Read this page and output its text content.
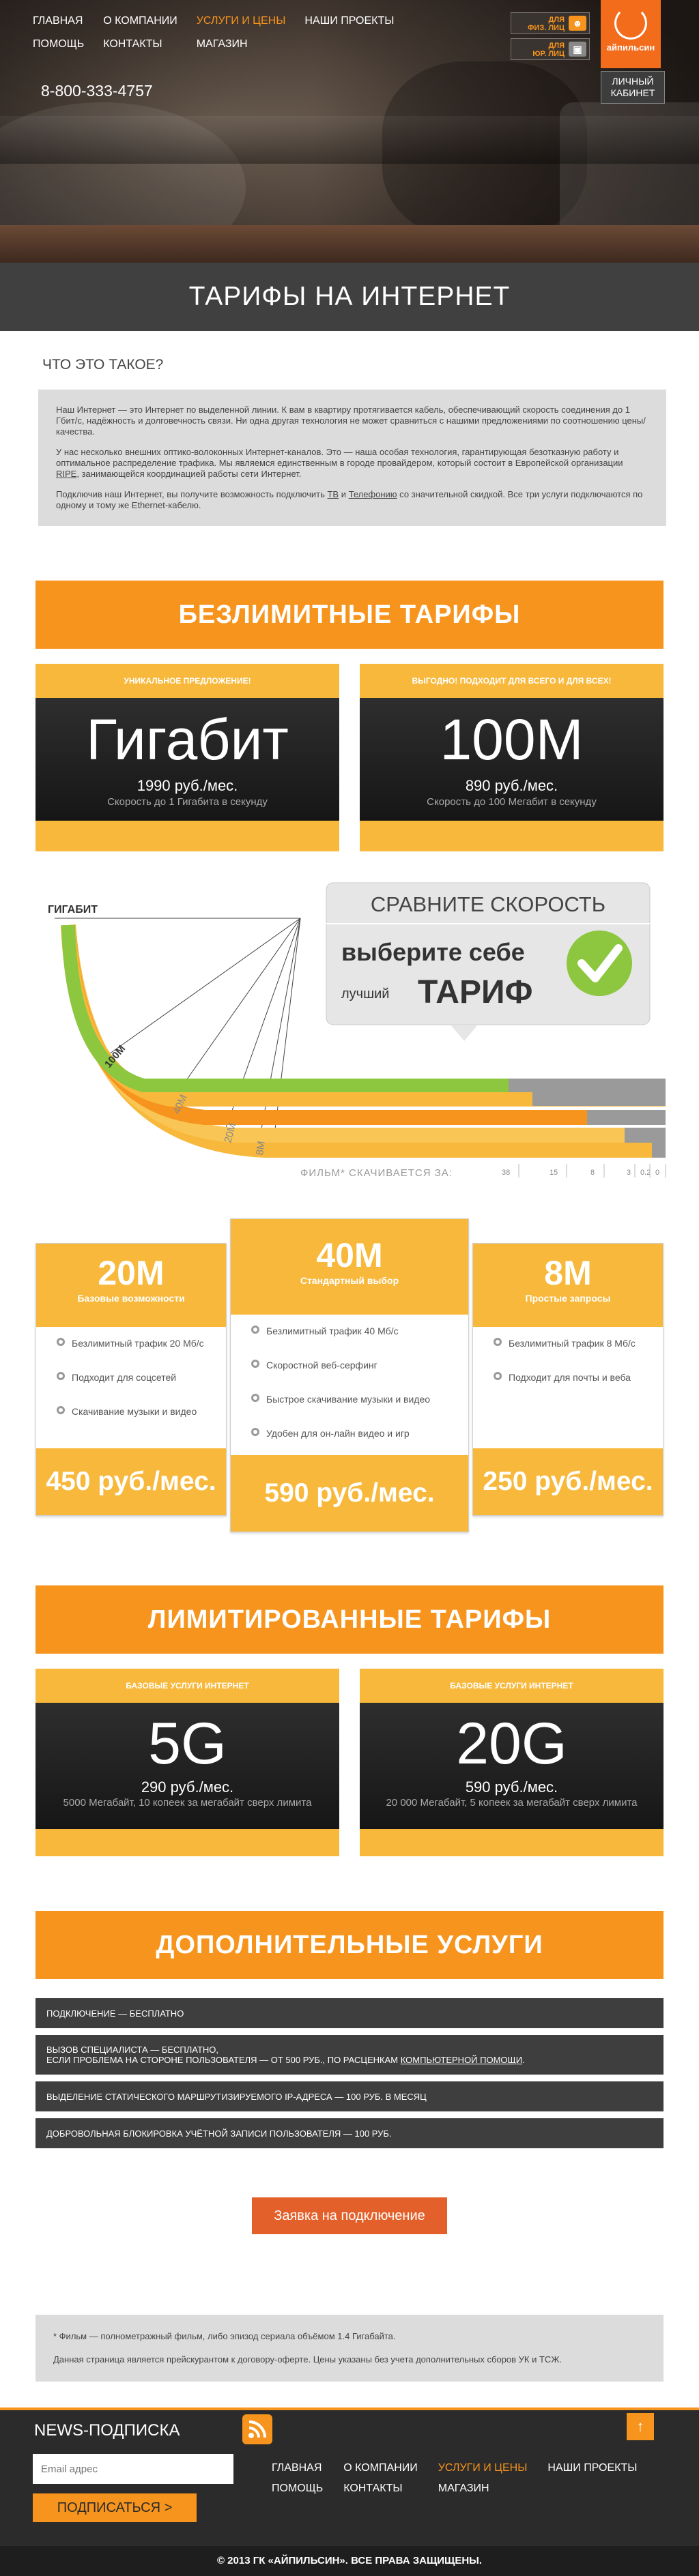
ГЛАВНАЯ О КОМПАНИИ УСЛУГИ И ЦЕНЫ НАШИ ПРОЕКТЫ
ПОМОЩЬ КОНТАКТЫ	МАГАЗИН
8-800-333-4757
ДЛЯ
ФИЗ. ЛИЦ ☻
ДЛЯ
ЮР. ЛИЦ ▣	айпильсин
ЛИЧНЫЙ
КАБИНЕТ
ТАРИФЫ НА ИНТЕРНЕТ
ЧТО ЭТО ТАКОЕ?

Наш Интернет — это Интернет по выделенной линии. К вам в квартиру протягивается кабель, обеспечивающий скорость соединения до 1 Гбит/с, надёжность и долговечность связи. Ни одна другая технология не может сравниться с нашими предложениями по соотношению цены/качества.

У нас несколько внешних оптико-волоконных Интернет-каналов. Это — наша особая технология, гарантирующая безотказную работу и оптимальное распределение трафика. Мы являемся единственным в городе провайдером, который состоит в Европейской организации RIPE, занимающейся координацией работы сети Интернет.

Подключив наш Интернет, вы получите возможность подключить ТВ и Телефонию со значительной скидкой. Все три услуги подключаются по одному и тому же Ethernet-кабелю.

БЕЗЛИМИТНЫЕ ТАРИФЫ
УНИКАЛЬНОЕ ПРЕДЛОЖЕНИЕ!
Гигабит
1990 руб./мес.
Скорость до 1 Гигабита в секунду
ВЫГОДНО! ПОДХОДИТ ДЛЯ ВСЕГО И ДЛЯ ВСЕХ!
100M
890 руб./мес.
Скорость до 100 Мегабит в секунду
ГИГАБИТ
100M
40M
20M
8M
ФИЛЬМ* СКАЧИВАЕТСЯ ЗА:	38	15	8	3 0.2 0
СРАВНИТЕ СКОРОСТЬ
выберите себе
лучший ТАРИФ
20M
Базовые возможности
Безлимитный трафик 20 Мб/с
Подходит для соцсетей
Скачивание музыки и видео
450 руб./мес.
8M
Простые запросы
Безлимитный трафик 8 Мб/с
Подходит для почты и веба
250 руб./мес.
40M
Стандартный выбор
Безлимитный трафик 40 Мб/с
Скоростной веб-серфинг
Быстрое скачивание музыки и видео
Удобен для он-лайн видео и игр
590 руб./мес.
ЛИМИТИРОВАННЫЕ ТАРИФЫ
БАЗОВЫЕ УСЛУГИ ИНТЕРНЕТ
5G
290 руб./мес.
5000 Мегабайт, 10 копеек за мегабайт сверх лимита
БАЗОВЫЕ УСЛУГИ ИНТЕРНЕТ
20G
590 руб./мес.
20 000 Мегабайт, 5 копеек за мегабайт сверх лимита
ДОПОЛНИТЕЛЬНЫЕ УСЛУГИ
ПОДКЛЮЧЕНИЕ — БЕСПЛАТНО
ВЫЗОВ СПЕЦИАЛИСТА — БЕСПЛАТНО,
ЕСЛИ ПРОБЛЕМА НА СТОРОНЕ ПОЛЬЗОВАТЕЛЯ — ОТ 500 РУБ., ПО РАСЦЕНКАМ КОМПЬЮТЕРНОЙ ПОМОЩИ.
ВЫДЕЛЕНИЕ СТАТИЧЕСКОГО МАРШРУТИЗИРУЕМОГО IP-АДРЕСА — 100 РУБ. В МЕСЯЦ
ДОБРОВОЛЬНАЯ БЛОКИРОВКА УЧЁТНОЙ ЗАПИСИ ПОЛЬЗОВАТЕЛЯ — 100 РУБ.
Заявка на подключение

* Фильм — полнометражный фильм, либо эпизод сериала объёмом 1.4 Гигабайта.

Данная страница является прейскурантом к договору-оферте. Цены указаны без учета дополнительных сборов УК и ТСЖ.

NEWS-ПОДПИСКА
Email адрес
ПОДПИСАТЬСЯ >
↑
ГЛАВНАЯ О КОМПАНИИ УСЛУГИ И ЦЕНЫ НАШИ ПРОЕКТЫ
ПОМОЩЬ КОНТАКТЫ	МАГАЗИН
© 2013 ГК «АЙПИЛЬСИН». ВСЕ ПРАВА ЗАЩИЩЕНЫ.
